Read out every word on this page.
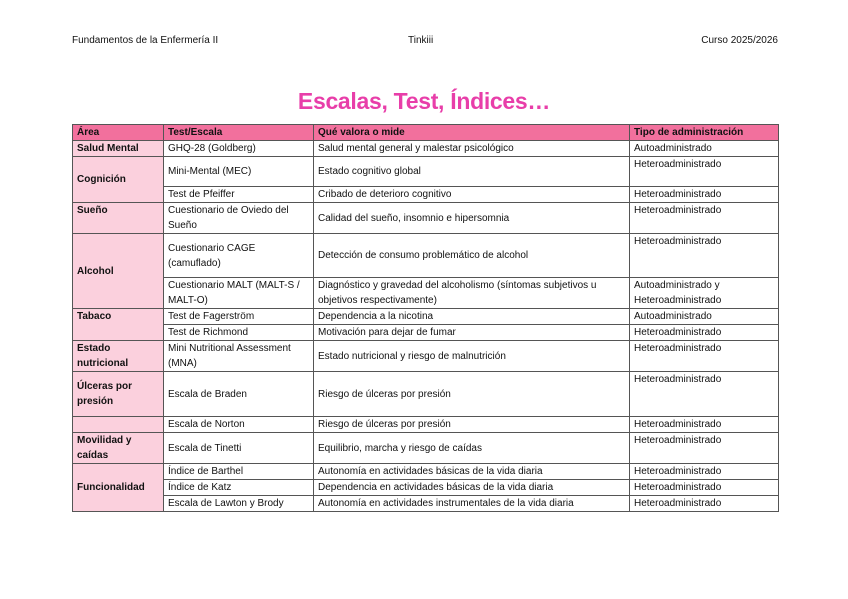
Fundamentos de la Enfermería II	Tinkiii	Curso 2025/2026
Escalas, Test, Índices…
Área	Test/Escala	Qué valora o mide	Tipo de administración
Salud Mental	GHQ-28 (Goldberg)	Salud mental general y malestar psicológico	Autoadministrado
Cognición	Mini-Mental (MEC)	Estado cognitivo global	Heteroadministrado
	Test de Pfeiffer	Cribado de deterioro cognitivo	Heteroadministrado
Sueño	Cuestionario de Oviedo del Sueño	Calidad del sueño, insomnio e hipersomnia	Heteroadministrado
Alcohol	Cuestionario CAGE (camuflado)	Detección de consumo problemático de alcohol	Heteroadministrado
	Cuestionario MALT (MALT-S / MALT-O)	Diagnóstico y gravedad del alcoholismo (síntomas subjetivos u objetivos respectivamente)	Autoadministrado y Heteroadministrado
Tabaco	Test de Fagerström	Dependencia a la nicotina	Autoadministrado
	Test de Richmond	Motivación para dejar de fumar	Heteroadministrado
Estado nutricional	Mini Nutritional Assessment (MNA)	Estado nutricional y riesgo de malnutrición	Heteroadministrado
Úlceras por presión	Escala de Braden	Riesgo de úlceras por presión	Heteroadministrado
	Escala de Norton	Riesgo de úlceras por presión	Heteroadministrado
Movilidad y caídas	Escala de Tinetti	Equilibrio, marcha y riesgo de caídas	Heteroadministrado
Funcionalidad	Índice de Barthel	Autonomía en actividades básicas de la vida diaria	Heteroadministrado
	Índice de Katz	Dependencia en actividades básicas de la vida diaria	Heteroadministrado
	Escala de Lawton y Brody	Autonomía en actividades instrumentales de la vida diaria	Heteroadministrado
